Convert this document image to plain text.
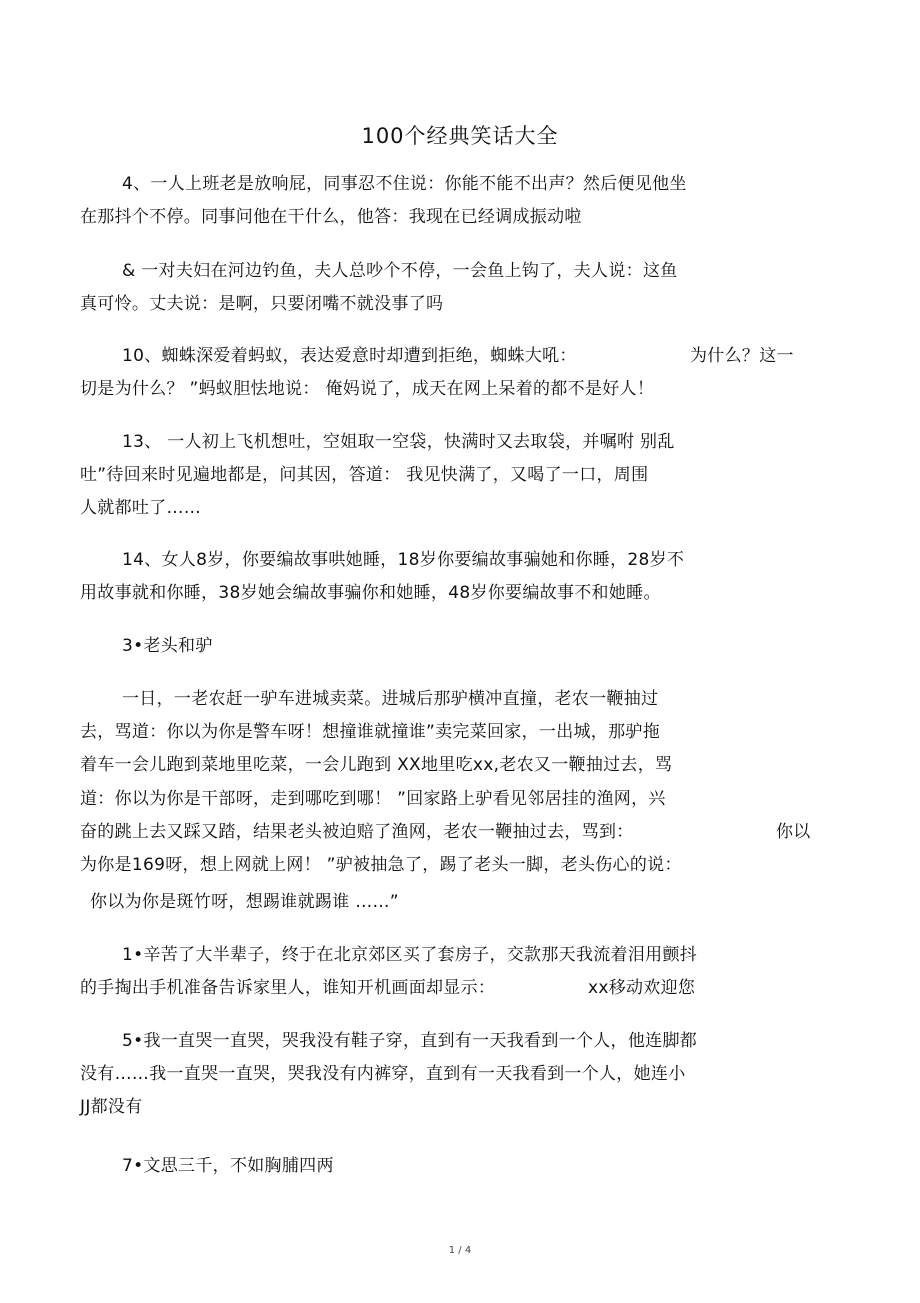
100个经典笑话大全
4、一人上班老是放响屁，同事忍不住说：你能不能不出声？然后便见他坐
在那抖个不停。同事问他在干什么，他答：我现在已经调成振动啦
& 一对夫妇在河边钓鱼，夫人总吵个不停，一会鱼上钩了，夫人说：这鱼
真可怜。丈夫说：是啊，只要闭嘴不就没事了吗
10、蜘蛛深爱着蚂蚁，表达爱意时却遭到拒绝，蜘蛛大吼：	为什么？这一
切是为什么？ ”蚂蚁胆怯地说： 俺妈说了，成天在网上呆着的都不是好人！
13、 一人初上飞机想吐，空姐取一空袋，快满时又去取袋，并嘱咐 别乱
吐”待回来时见遍地都是，问其因，答道： 我见快满了，又喝了一口，周围
人就都吐了……
14、女人8岁，你要编故事哄她睡，18岁你要编故事骗她和你睡，28岁不
用故事就和你睡，38岁她会编故事骗你和她睡，48岁你要编故事不和她睡。
3•老头和驴
一日，一老农赶一驴车进城卖菜。进城后那驴横冲直撞，老农一鞭抽过
去，骂道：你以为你是警车呀！想撞谁就撞谁”卖完菜回家，一出城，那驴拖
着车一会儿跑到菜地里吃菜，一会儿跑到 XX地里吃xx,老农又一鞭抽过去，骂
道：你以为你是干部呀，走到哪吃到哪！ ”回家路上驴看见邻居挂的渔网，兴
奋的跳上去又踩又踏，结果老头被迫赔了渔网，老农一鞭抽过去，骂到：	你以
为你是169呀，想上网就上网！ ”驴被抽急了，踢了老头一脚，老头伤心的说：
你以为你是斑竹呀，想踢谁就踢谁 ……”
1•辛苦了大半辈子，终于在北京郊区买了套房子，交款那天我流着泪用颤抖
的手掏出手机准备告诉家里人，谁知开机画面却显示：	xx移动欢迎您
5•我一直哭一直哭，哭我没有鞋子穿，直到有一天我看到一个人，他连脚都
没有……我一直哭一直哭，哭我没有内裤穿，直到有一天我看到一个人，她连小
JJ都没有
7•文思三千，不如胸脯四两
1 / 4
